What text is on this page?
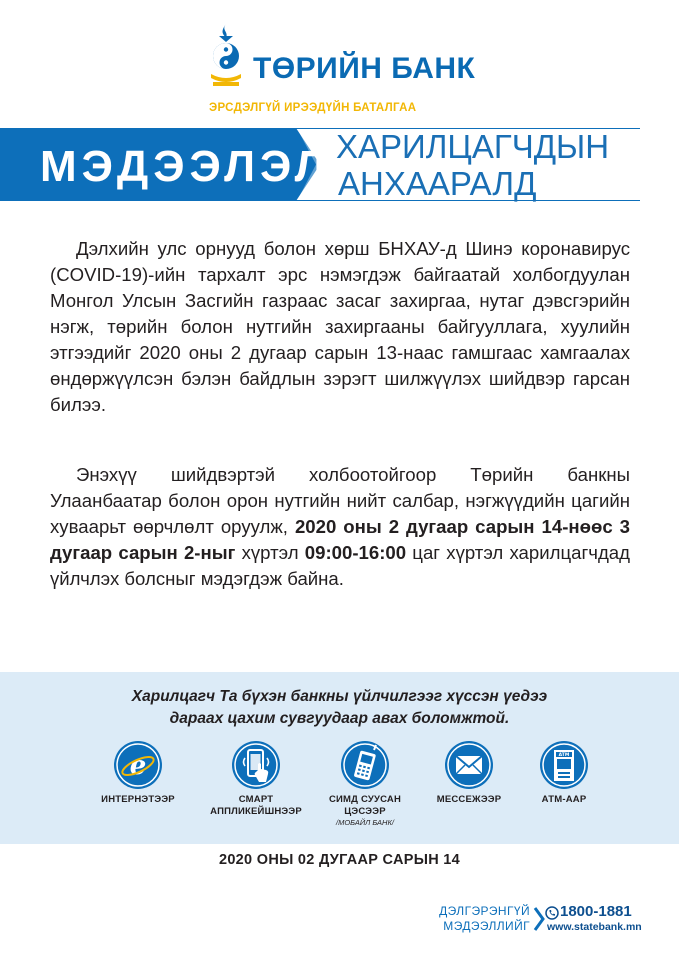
ТӨРИЙН БАНК
ЭРСДЭЛГҮЙ ИРЭЭДҮЙН БАТАЛГАА
МЭДЭЭЛЭЛ ХАРИЛЦАГЧДЫН
АНХААРАЛД

Дэлхийн улс орнууд болон хөрш БНХАУ-д Шинэ коронавирус (COVID-19)-ийн тархалт эрс нэмэгдэж байгаатай холбогдуулан Монгол Улсын Засгийн газраас засаг захиргаа, нутаг дэвсгэрийн нэгж, төрийн болон нутгийн захиргааны байгууллага, хуулийн этгээдийг 2020 оны 2 дугаар сарын 13-наас гамшгаас хамгаалах өндөржүүлсэн бэлэн байдлын зэрэгт шилжүүлэх шийдвэр гарсан билээ.

Энэхүү шийдвэртэй холбоотойгоор Төрийн банкны Улаанбаатар болон орон нутгийн нийт салбар, нэгжүүдийн цагийн хуваарьт өөрчлөлт оруулж, 2020 оны 2 дугаар сарын 14-нөөс 3 дугаар сарын 2-ныг хүртэл 09:00-16:00 цаг хүртэл харилцагчдад үйлчлэх болсныг мэдэгдэж байна.

Харилцагч Та бүхэн банкны үйлчилгээг хүссэн үедээ
дараах цахим сувгуудаар авах боломжтой.
e
ИНТЕРНЭТЭЭР	СМАРТ
АППЛИКЕЙШНЭЭР
СИМД СУУСАН
ЦЭСЭЭР
/МОБАЙЛ БАНК/
МЕССЕЖЭЭР
ATM
АТМ-ААР
2020 ОНЫ 02 ДУГААР САРЫН 14
ДЭЛГЭРЭНГҮЙ
МЭДЭЭЛЛИЙГ
1800-1881
www.statebank.mn
